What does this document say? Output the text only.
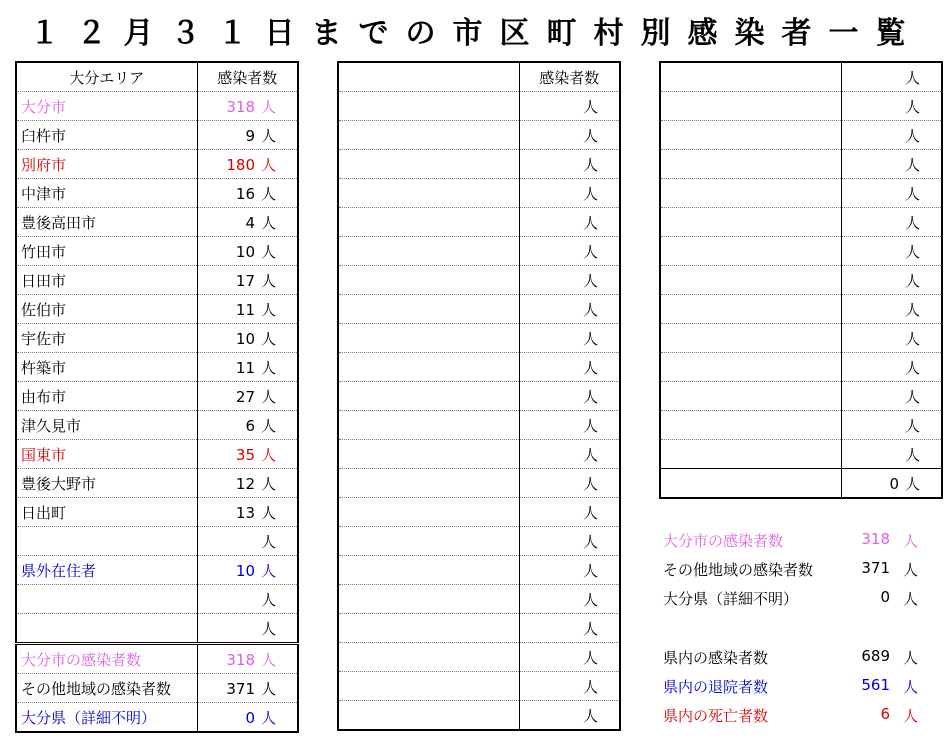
１２月３１日までの市区町村別感染者一覧
大分エリア	感染者数
大分市	318 人
臼杵市	9 人
別府市	180 人
中津市	16 人
豊後高田市	4 人
竹田市	10 人
日田市	17 人
佐伯市	11 人
宇佐市	10 人
杵築市	11 人
由布市	27 人
津久見市	6 人
国東市	35 人
豊後大野市	12 人
日出町	13 人
	人
県外在住者	10 人
	人
	人
大分市の感染者数	318 人
その他地域の感染者数	371 人
大分県（詳細不明）	0 人
	感染者数
	人
	人
	人
	人
	人
	人
	人
	人
	人
	人
	人
	人
	人
	人
	人
	人
	人
	人
	人
	人
	人
	人
	人
	人
	人
	人
	人
	人
	人
	人
	人
	人
	人
	人
	人
	人
	0 人
大分市の感染者数	318 人
その他地域の感染者数	371 人
大分県（詳細不明）	0 人
県内の感染者数	689 人
県内の退院者数	561 人
県内の死亡者数	6 人
